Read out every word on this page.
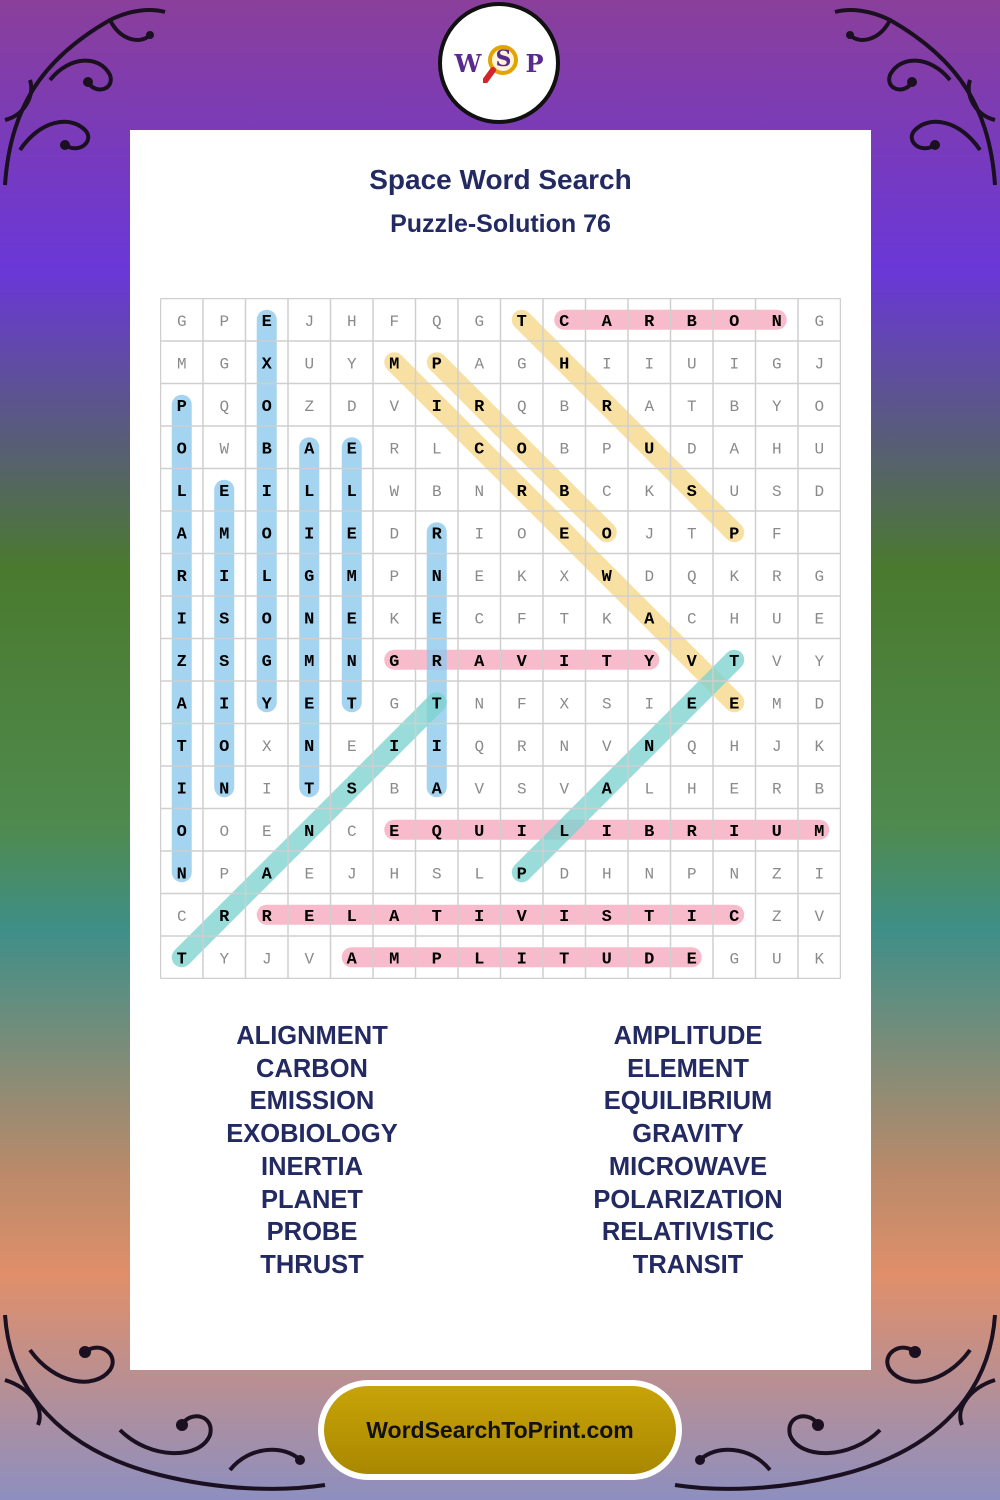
W S P
Space Word Search
Puzzle-Solution 76
G P E J H F Q G T C A R B O N G
M G X U Y M P A G H I I U I G J
P Q O Z D V I R Q B R A T B Y O
O W B A E R L C O B P U D A H U
L E I L L W B N R B C K S U S D
A M O I E D R I O E O J T P F
R I L G M P N E K X W D Q K R G
I S O N E K E C F T K A C H U E
Z S G M N G R A V I T Y V T V Y
A I Y E T G T N F X S I E E M D
T O X N E I I Q R N V N Q H J K
I N I T S B A V S V A L H E R B
O O E N C E Q U I L I B R I U M
N P A E J H S L P D H N P N Z I
C R R E L A T I V I S T I C Z V
T Y J V A M P L I T U D E G U K
ALIGNMENT
CARBON
EMISSION
EXOBIOLOGY
INERTIA
PLANET
PROBE
THRUST
AMPLITUDE
ELEMENT
EQUILIBRIUM
GRAVITY
MICROWAVE
POLARIZATION
RELATIVISTIC
TRANSIT
WordSearchToPrint.com
